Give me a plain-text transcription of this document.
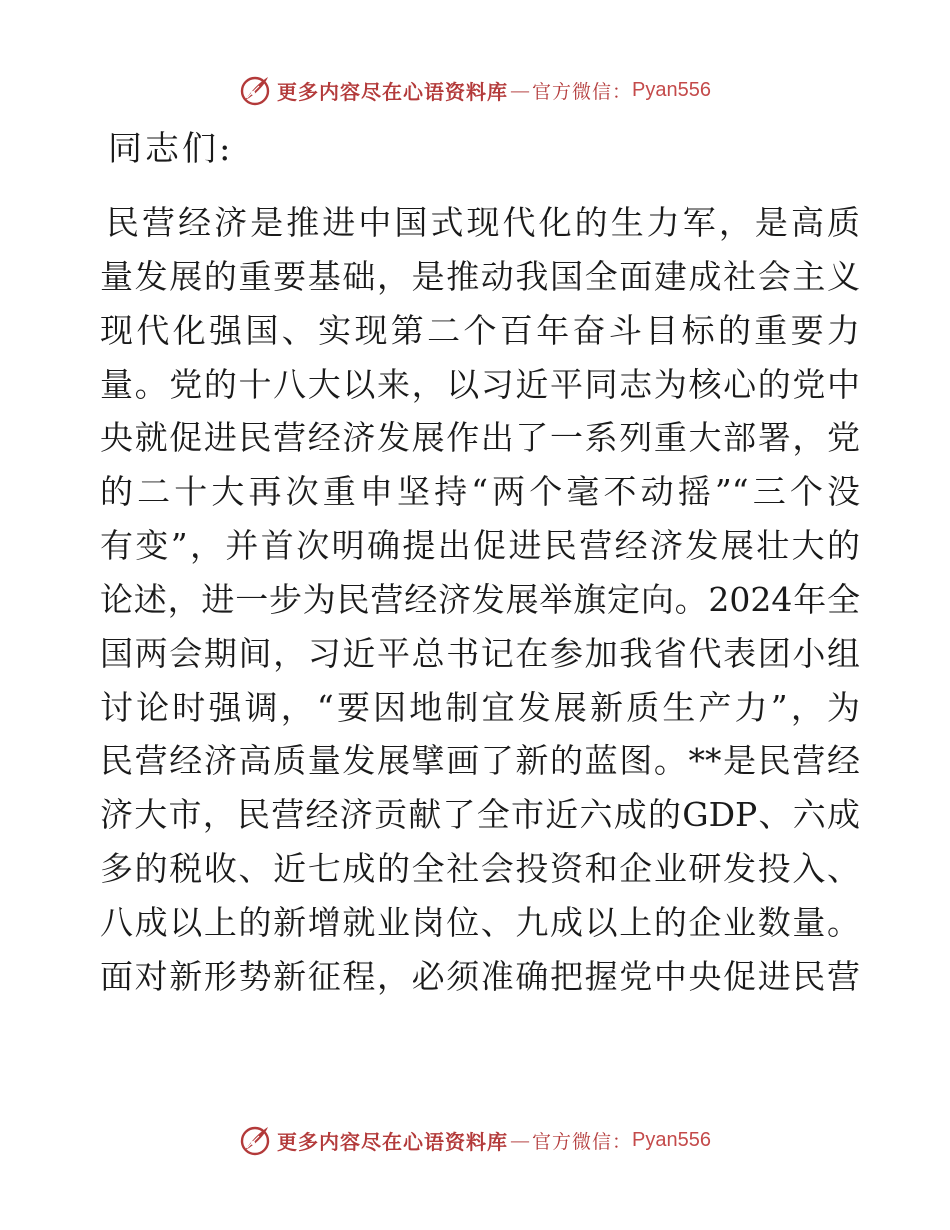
更多内容尽在心语资料库 — 官方微信： Pyan556
同志们:
民营经济是推进中国式现代化的生力军，是高质
量发展的重要基础，是推动我国全面建成社会主义
现代化强国、实现第二个百年奋斗目标的重要力
量。党的十八大以来，以习近平同志为核心的党中
央就促进民营经济发展作出了一系列重大部署，党
的二十大再次重申坚持“两个毫不动摇”“三个没
有变”，并首次明确提出促进民营经济发展壮大的
论述，进一步为民营经济发展举旗定向。2024年全
国两会期间，习近平总书记在参加我省代表团小组
讨论时强调，“要因地制宜发展新质生产力”，为
民营经济高质量发展擘画了新的蓝图。**是民营经
济大市，民营经济贡献了全市近六成的GDP、六成
多的税收、近七成的全社会投资和企业研发投入、
八成以上的新增就业岗位、九成以上的企业数量。
面对新形势新征程，必须准确把握党中央促进民营
更多内容尽在心语资料库 — 官方微信： Pyan556
